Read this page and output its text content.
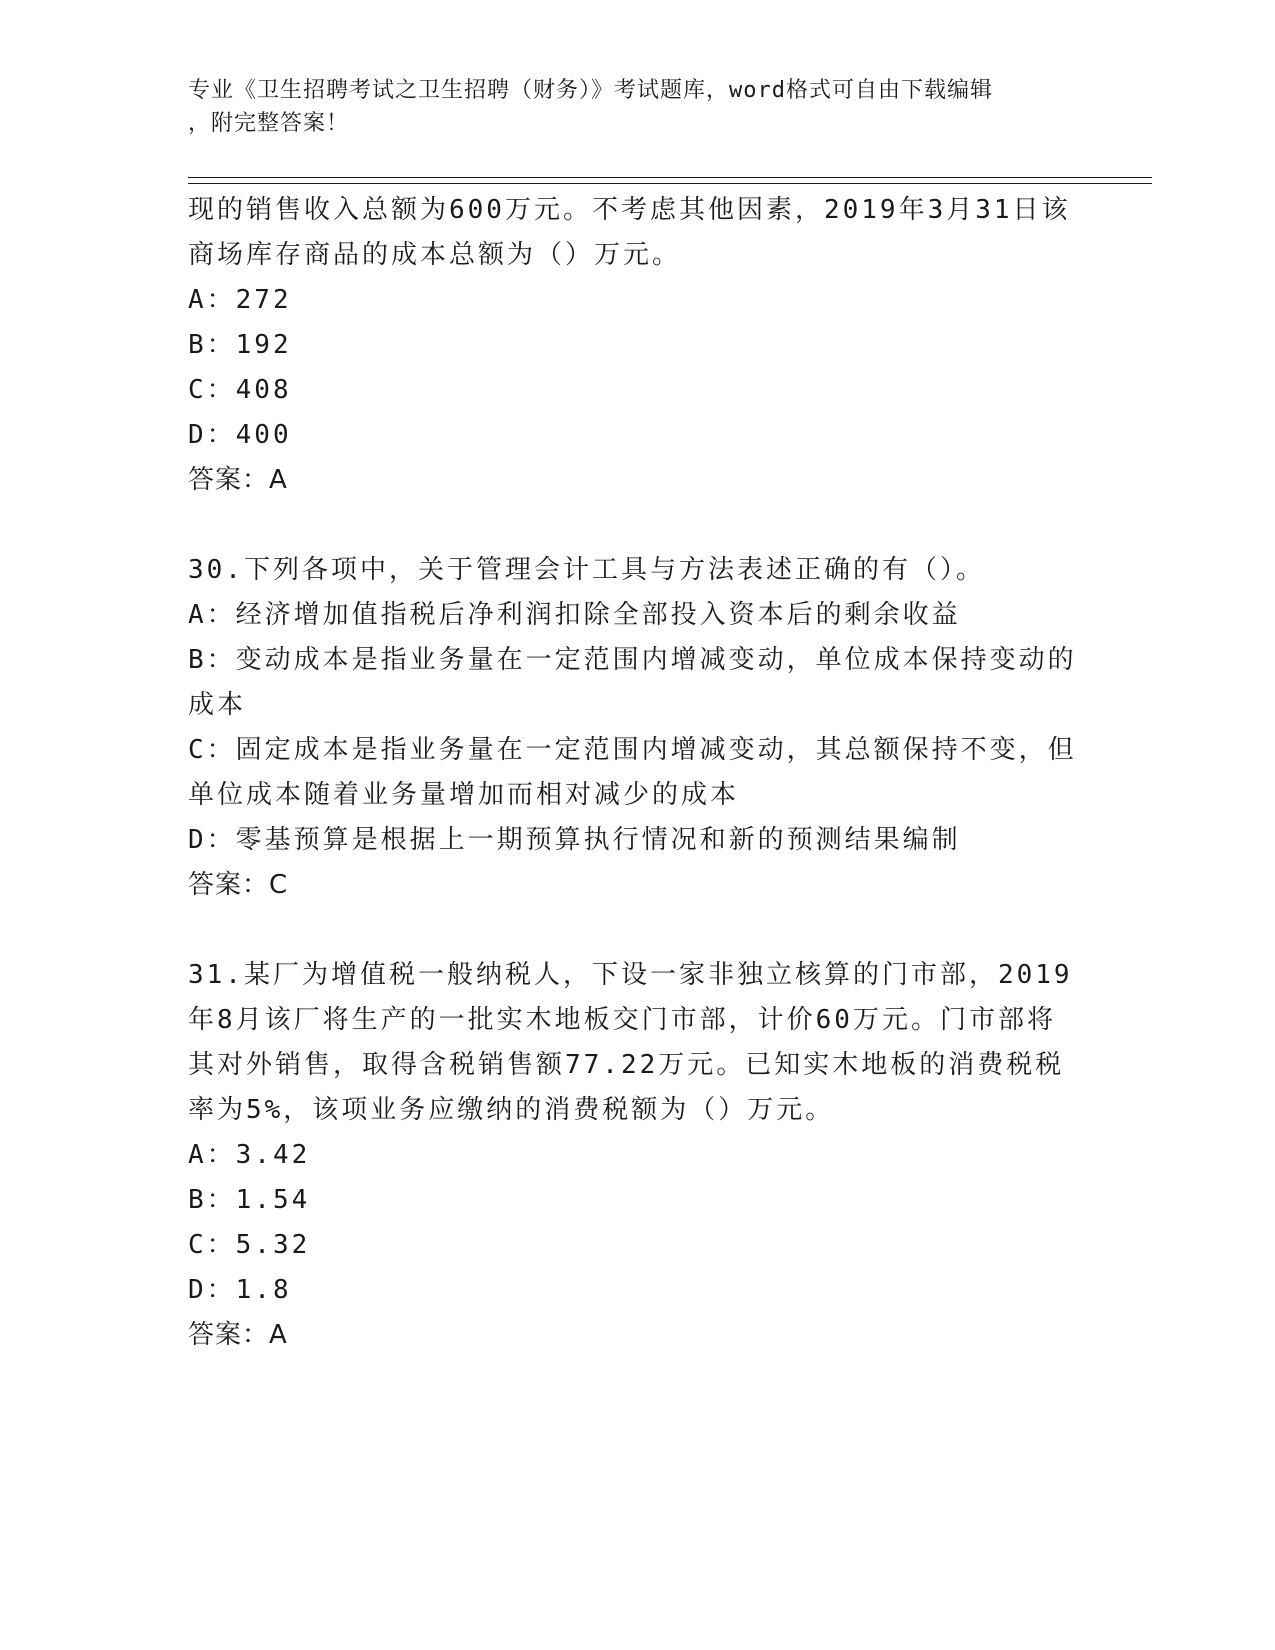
专业《卫生招聘考试之卫生招聘（财务）》考试题库，word格式可自由下载编辑
，附完整答案！
现的销售收入总额为600万元。不考虑其他因素，2019年3月31日该
商场库存商品的成本总额为（）万元。
A：272
B：192
C：408
D：400
答案：A
30.下列各项中，关于管理会计工具与方法表述正确的有（）。
A：经济增加值指税后净利润扣除全部投入资本后的剩余收益
B：变动成本是指业务量在一定范围内增减变动，单位成本保持变动的
成本
C：固定成本是指业务量在一定范围内增减变动，其总额保持不变，但
单位成本随着业务量增加而相对减少的成本
D：零基预算是根据上一期预算执行情况和新的预测结果编制
答案：C
31.某厂为增值税一般纳税人，下设一家非独立核算的门市部，2019
年8月该厂将生产的一批实木地板交门市部，计价60万元。门市部将
其对外销售，取得含税销售额77.22万元。已知实木地板的消费税税
率为5%，该项业务应缴纳的消费税额为（）万元。
A：3.42
B：1.54
C：5.32
D：1.8
答案：A
